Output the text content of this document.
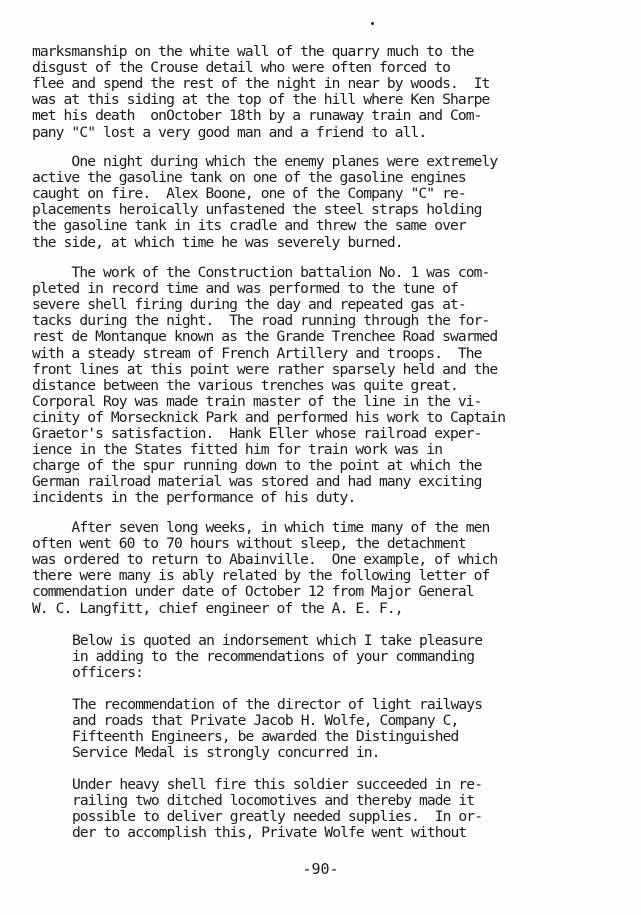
marksmanship on the white wall of the quarry much to the
disgust of the Crouse detail who were often forced to
flee and spend the rest of the night in near by woods.  It
was at this siding at the top of the hill where Ken Sharpe
met his death  onOctober 18th by a runaway train and Com-
pany "C" lost a very good man and a friend to all.
One night during which the enemy planes were extremely
active the gasoline tank on one of the gasoline engines
caught on fire.  Alex Boone, one of the Company "C" re-
placements heroically unfastened the steel straps holding
the gasoline tank in its cradle and threw the same over
the side, at which time he was severely burned.
The work of the Construction battalion No. 1 was com-
pleted in record time and was performed to the tune of
severe shell firing during the day and repeated gas at-
tacks during the night.  The road running through the for-
rest de Montanque known as the Grande Trenchee Road swarmed
with a steady stream of French Artillery and troops.  The
front lines at this point were rather sparsely held and the
distance between the various trenches was quite great.
Corporal Roy was made train master of the line in the vi-
cinity of Morsecknick Park and performed his work to Captain
Graetor's satisfaction.  Hank Eller whose railroad exper-
ience in the States fitted him for train work was in
charge of the spur running down to the point at which the
German railroad material was stored and had many exciting
incidents in the performance of his duty.
After seven long weeks, in which time many of the men
often went 60 to 70 hours without sleep, the detachment
was ordered to return to Abainville.  One example, of which
there were many is ably related by the following letter of
commendation under date of October 12 from Major General
W. C. Langfitt, chief engineer of the A. E. F.,
Below is quoted an indorsement which I take pleasure
in adding to the recommendations of your commanding
officers:
The recommendation of the director of light railways
and roads that Private Jacob H. Wolfe, Company C,
Fifteenth Engineers, be awarded the Distinguished
Service Medal is strongly concurred in.
Under heavy shell fire this soldier succeeded in re-
railing two ditched locomotives and thereby made it
possible to deliver greatly needed supplies.  In or-
der to accomplish this, Private Wolfe went without
-90-
